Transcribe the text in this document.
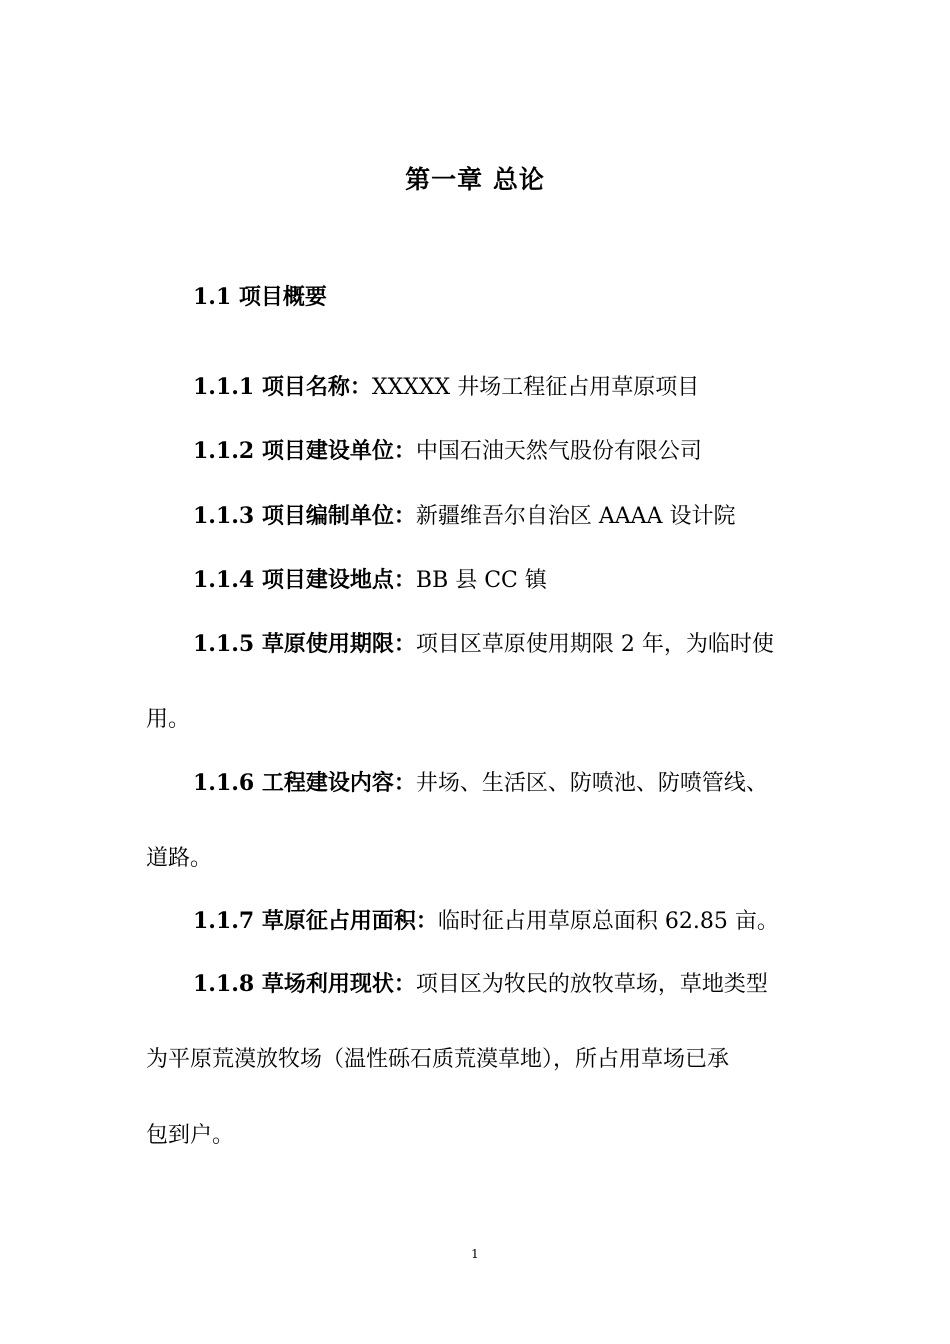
第一章 总论
1.1 项目概要
1.1.1 项目名称：XXXXX 井场工程征占用草原项目
1.1.2 项目建设单位：中国石油天然气股份有限公司
1.1.3 项目编制单位：新疆维吾尔自治区 AAAA 设计院
1.1.4 项目建设地点：BB 县 CC 镇
1.1.5 草原使用期限：项目区草原使用期限 2 年，为临时使
用。
1.1.6 工程建设内容：井场、生活区、防喷池、防喷管线、
道路。
1.1.7 草原征占用面积：临时征占用草原总面积 62.85 亩。
1.1.8 草场利用现状：项目区为牧民的放牧草场，草地类型
为平原荒漠放牧场（温性砾石质荒漠草地），所占用草场已承
包到户。
1
